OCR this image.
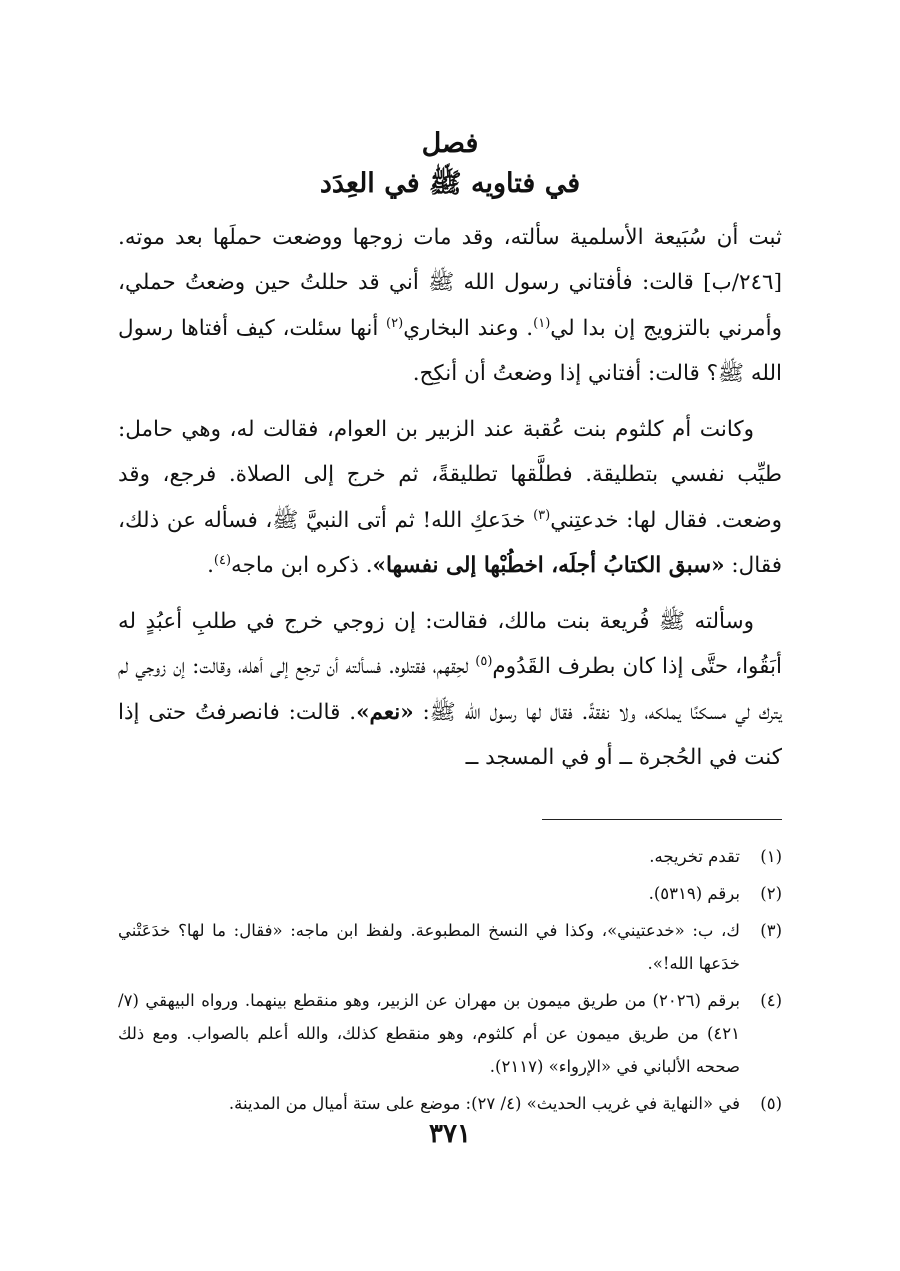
فصل
في فتاويه ﷺ في العِدَد

ثبت أن سُبَيعة الأسلمية سألته، وقد مات زوجها ووضعت حملَها بعد موته. [٢٤٦/ب] قالت: فأفتاني رسول الله ﷺ أني قد حللتُ حين وضعتُ حملي، وأمرني بالتزويج إن بدا لي$^{(١)}$. وعند البخاري$^{(٢)}$ أنها سئلت، كيف أفتاها رسول الله ﷺ؟ قالت: أفتاني إذا وضعتُ أن أنكِح.

وكانت أم كلثوم بنت عُقبة عند الزبير بن العوام، فقالت له، وهي حامل: طيِّب نفسي بتطليقة. فطلَّقها تطليقةً، ثم خرج إلى الصلاة. فرجع، وقد وضعت. فقال لها: خدعتِني$^{(٣)}$ خدَعكِ الله! ثم أتى النبيَّ ﷺ، فسأله عن ذلك، فقال: «سبق الكتابُ أجلَه، اخطُبْها إلى نفسها». ذكره ابن ماجه$^{(٤)}$.

وسألته ﷺ فُريعة بنت مالك، فقالت: إن زوجي خرج في طلبِ أعبُدٍ له أبَقُوا، حتَّى إذا كان بطرف القَدُوم$^{(٥)}$ لحِقهم، فقتلوه. فسألته أن ترجع إلى أهله، وقالت: إن زوجي لم يترك لي مسكنًا يملكه، ولا نفقةً. فقال لها رسول الله ﷺ: «نعم». قالت: فانصرفتُ حتى إذا كنت في الحُجرة ــ أو في المسجد ــ

(١)
تقدم تخريجه.
(٢)
برقم (٥٣١٩).
(٣)
ك، ب: «خدعتيني»، وكذا في النسخ المطبوعة. ولفظ ابن ماجه: «فقال: ما لها؟ خدَعَتْني خدَعها الله!».
(٤)
برقم (٢٠٢٦) من طريق ميمون بن مهران عن الزبير، وهو منقطع بينهما. ورواه البيهقي (٧/ ٤٢١) من طريق ميمون عن أم كلثوم، وهو منقطع كذلك، والله أعلم بالصواب. ومع ذلك صححه الألباني في «الإرواء» (٢١١٧).
(٥)
في «النهاية في غريب الحديث» (٤/ ٢٧): موضع على ستة أميال من المدينة.
٣٧١
